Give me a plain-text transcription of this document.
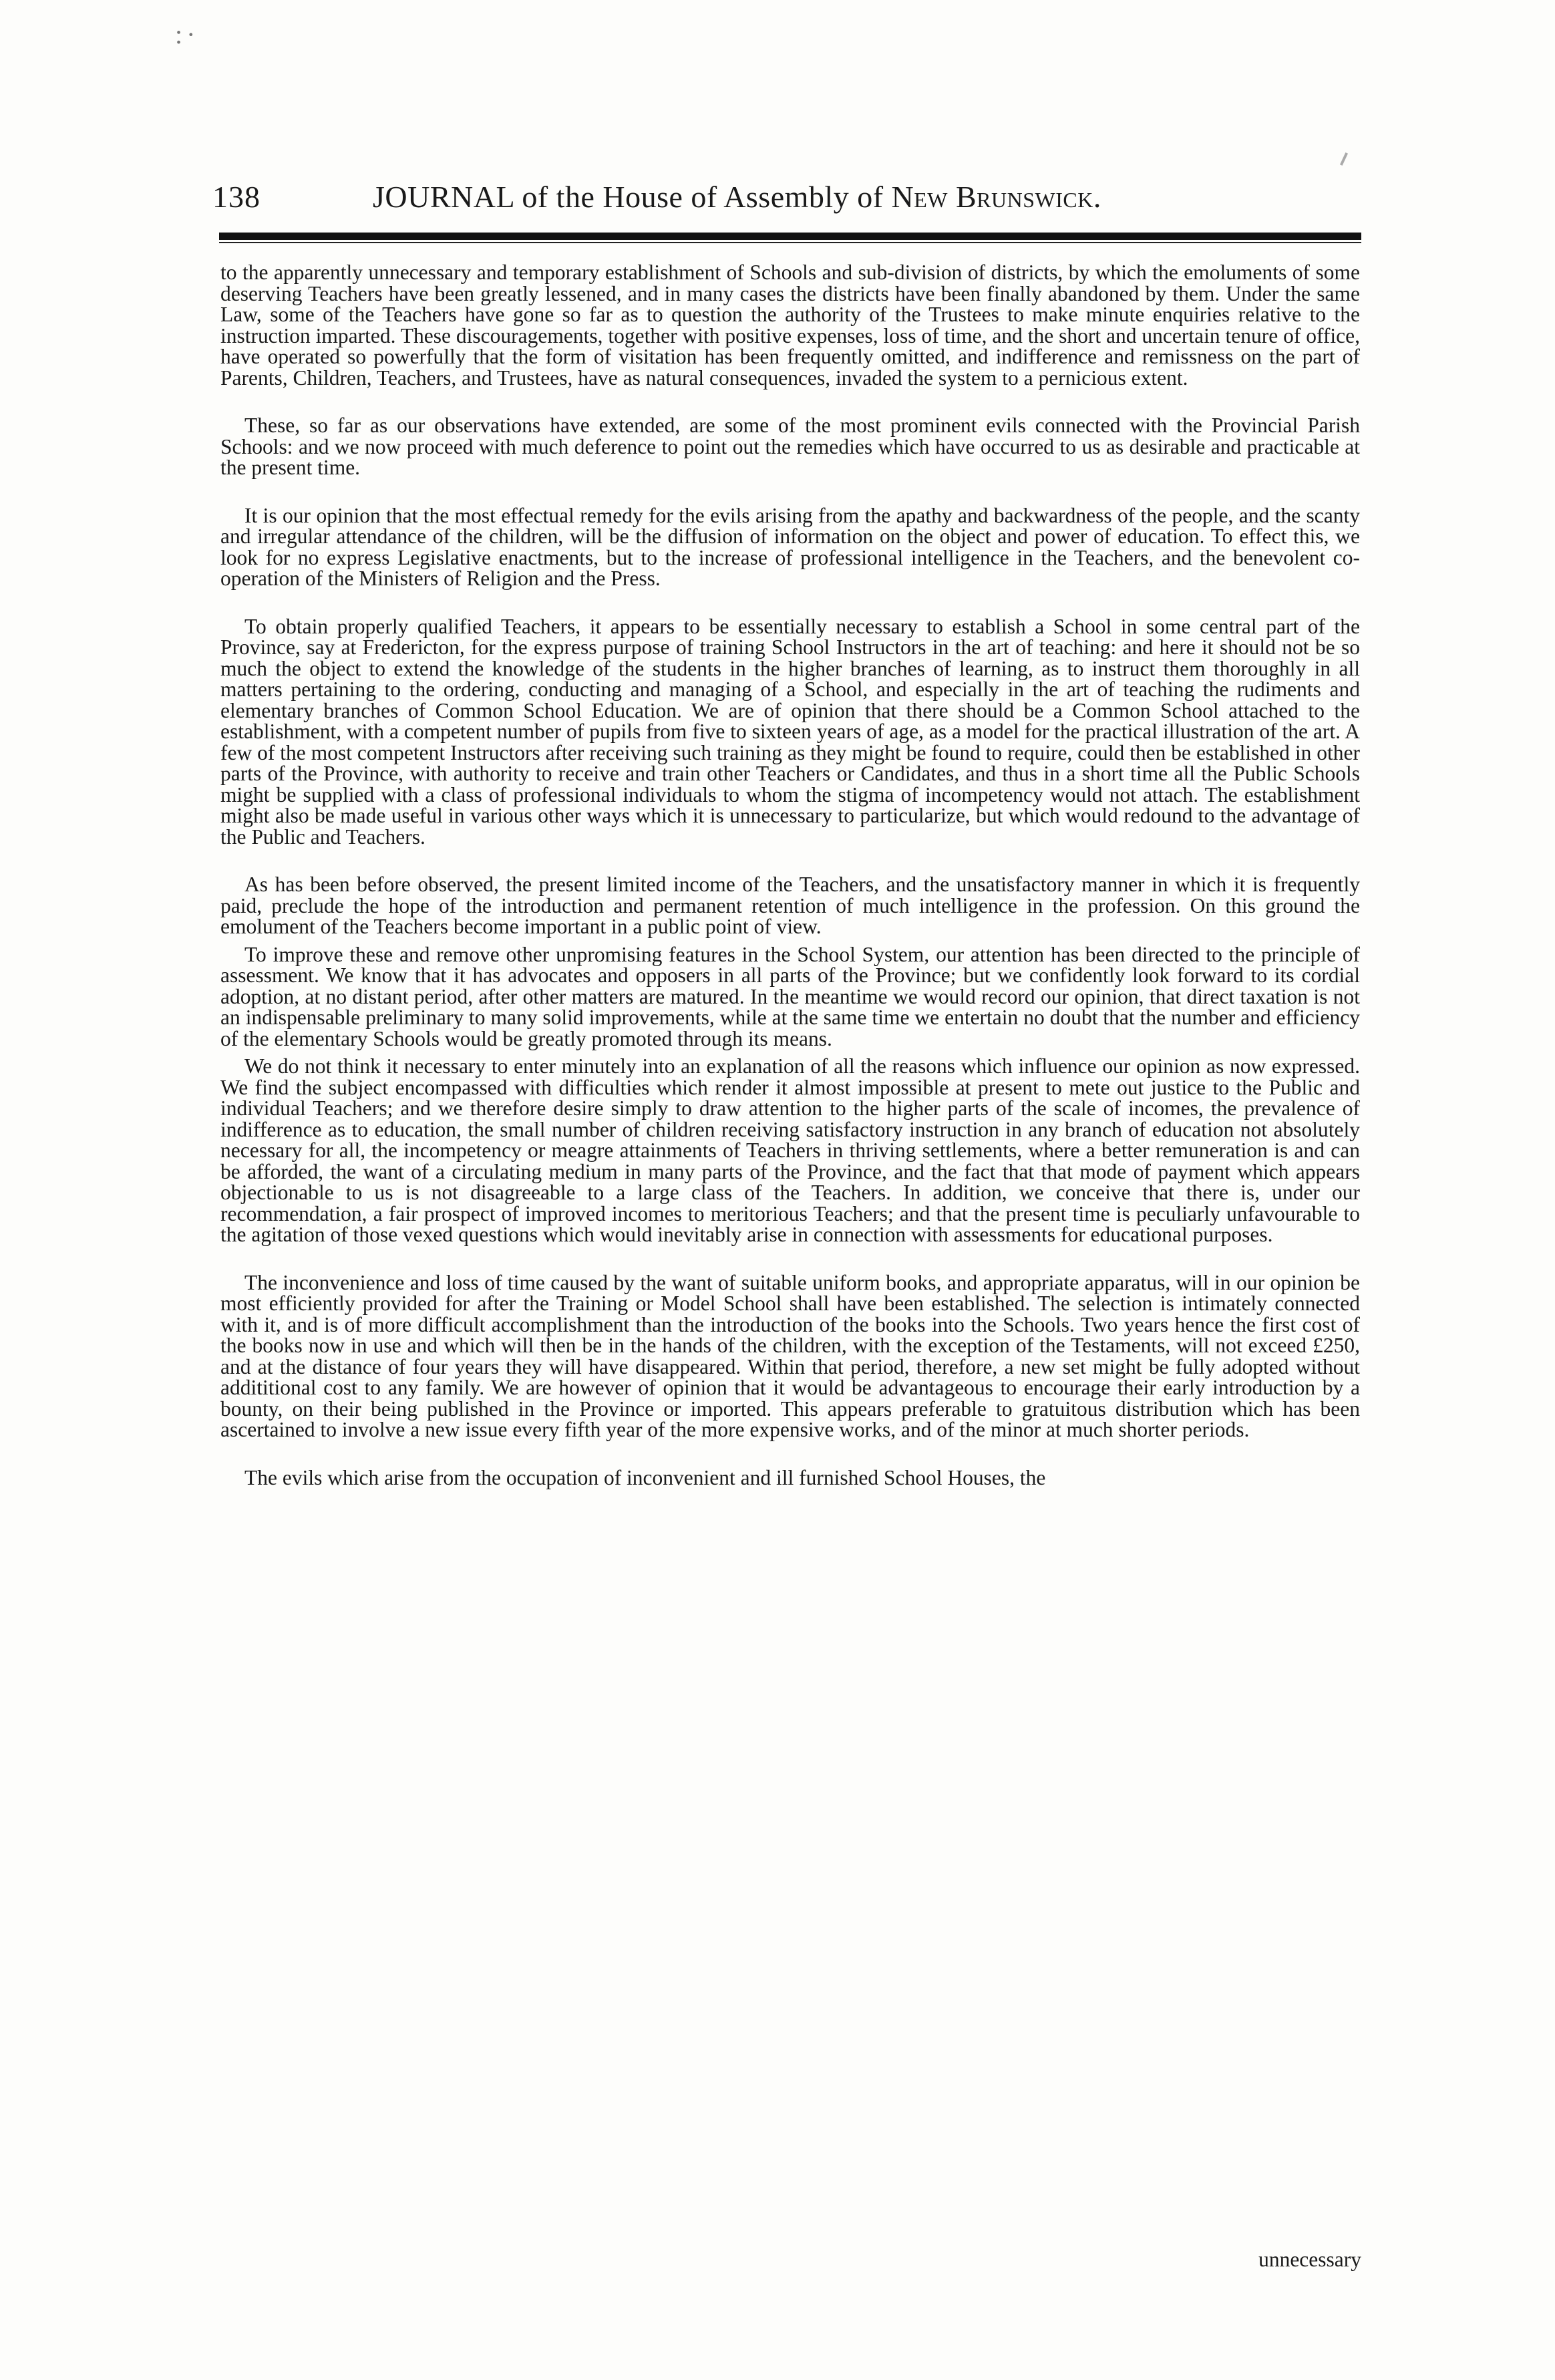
:·
138	JOURNAL of the House of Assembly of New Brunswick.

to the apparently unnecessary and temporary establishment of Schools and sub-division of districts, by which the emoluments of some deserving Teachers have been greatly lessened, and in many cases the districts have been finally abandoned by them. Under the same Law, some of the Teachers have gone so far as to question the authority of the Trustees to make minute enquiries relative to the instruction imparted. These discouragements, together with positive expenses, loss of time, and the short and uncertain tenure of office, have operated so powerfully that the form of visitation has been frequently omitted, and indifference and remissness on the part of Parents, Children, Teachers, and Trustees, have as natural consequences, invaded the system to a pernicious extent.

These, so far as our observations have extended, are some of the most prominent evils connected with the Provincial Parish Schools: and we now proceed with much deference to point out the remedies which have occurred to us as desirable and practicable at the present time.

It is our opinion that the most effectual remedy for the evils arising from the apathy and backwardness of the people, and the scanty and irregular attendance of the children, will be the diffusion of information on the object and power of education. To effect this, we look for no express Legislative enactments, but to the increase of professional intelligence in the Teachers, and the benevolent co-operation of the Ministers of Religion and the Press.

To obtain properly qualified Teachers, it appears to be essentially necessary to establish a School in some central part of the Province, say at Fredericton, for the express purpose of training School Instructors in the art of teaching: and here it should not be so much the object to extend the knowledge of the students in the higher branches of learning, as to instruct them thoroughly in all matters pertaining to the ordering, conducting and managing of a School, and especially in the art of teaching the rudiments and elementary branches of Common School Education. We are of opinion that there should be a Common School attached to the establishment, with a competent number of pupils from five to sixteen years of age, as a model for the practical illustration of the art. A few of the most competent Instructors after receiving such training as they might be found to require, could then be established in other parts of the Province, with authority to receive and train other Teachers or Candidates, and thus in a short time all the Public Schools might be supplied with a class of professional individuals to whom the stigma of incompetency would not attach. The establishment might also be made useful in various other ways which it is unnecessary to particularize, but which would redound to the advantage of the Public and Teachers.

As has been before observed, the present limited income of the Teachers, and the unsatisfactory manner in which it is frequently paid, preclude the hope of the introduction and permanent retention of much intelligence in the profession. On this ground the emolument of the Teachers become important in a public point of view.

To improve these and remove other unpromising features in the School System, our attention has been directed to the principle of assessment. We know that it has advocates and opposers in all parts of the Province; but we confidently look forward to its cordial adoption, at no distant period, after other matters are matured. In the meantime we would record our opinion, that direct taxation is not an indispensable preliminary to many solid improvements, while at the same time we entertain no doubt that the number and efficiency of the elementary Schools would be greatly promoted through its means.

We do not think it necessary to enter minutely into an explanation of all the reasons which influence our opinion as now expressed. We find the subject encompassed with difficulties which render it almost impossible at present to mete out justice to the Public and individual Teachers; and we therefore desire simply to draw attention to the higher parts of the scale of incomes, the prevalence of indifference as to education, the small number of children receiving satisfactory instruction in any branch of education not absolutely necessary for all, the incompetency or meagre attainments of Teachers in thriving settlements, where a better remuneration is and can be afforded, the want of a circulating medium in many parts of the Province, and the fact that that mode of payment which appears objectionable to us is not disagreeable to a large class of the Teachers. In addition, we conceive that there is, under our recommendation, a fair prospect of improved incomes to meritorious Teachers; and that the present time is peculiarly unfavourable to the agitation of those vexed questions which would inevitably arise in connection with assessments for educational purposes.

The inconvenience and loss of time caused by the want of suitable uniform books, and appropriate apparatus, will in our opinion be most efficiently provided for after the Training or Model School shall have been established. The selection is intimately connected with it, and is of more difficult accomplishment than the introduction of the books into the Schools. Two years hence the first cost of the books now in use and which will then be in the hands of the children, with the exception of the Testaments, will not exceed £250, and at the distance of four years they will have disappeared. Within that period, therefore, a new set might be fully adopted without addititional cost to any family. We are however of opinion that it would be advantageous to encourage their early introduction by a bounty, on their being published in the Province or imported. This appears preferable to gratuitous distribution which has been ascertained to involve a new issue every fifth year of the more expensive works, and of the minor at much shorter periods.

The evils which arise from the occupation of inconvenient and ill furnished School Houses, the

unnecessary
